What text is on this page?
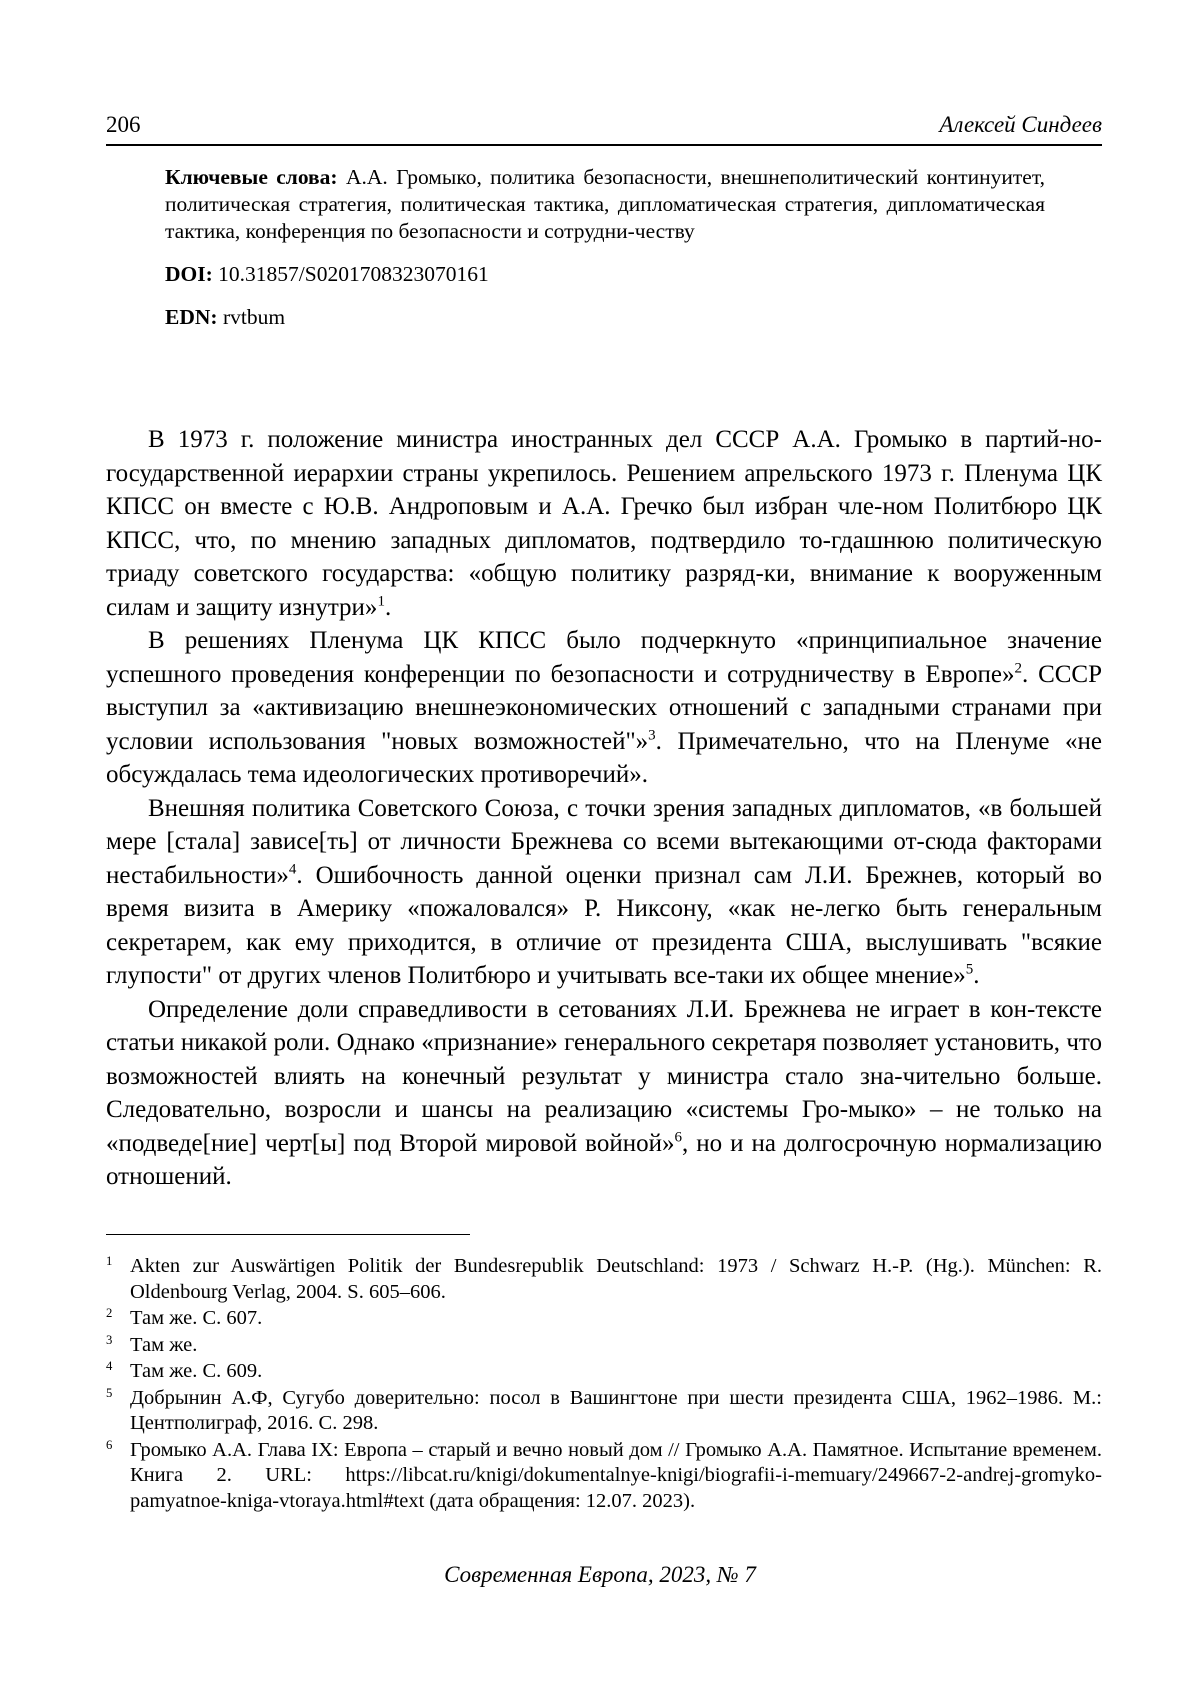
206	Алексей Синдеев

Ключевые слова: А.А. Громыко, политика безопасности, внешнеполитический континуитет, политическая стратегия, политическая тактика, дипломатическая стратегия, дипломатическая тактика, конференция по безопасности и сотрудни-честву

DOI: 10.31857/S0201708323070161

EDN: rvtbum

В 1973 г. положение министра иностранных дел СССР А.А. Громыко в партий-но-государственной иерархии страны укрепилось. Решением апрельского 1973 г. Пленума ЦК КПСС он вместе с Ю.В. Андроповым и А.А. Гречко был избран чле-ном Политбюро ЦК КПСС, что, по мнению западных дипломатов, подтвердило то-гдашнюю политическую триаду советского государства: «общую политику разряд-ки, внимание к вооруженным силам и защиту изнутри»$^1$.

В решениях Пленума ЦК КПСС было подчеркнуто «принципиальное значение успешного проведения конференции по безопасности и сотрудничеству в Европе»$^2$. СССР выступил за «активизацию внешнеэкономических отношений с западными странами при условии использования "новых возможностей"»$^3$. Примечательно, что на Пленуме «не обсуждалась тема идеологических противоречий».

Внешняя политика Советского Союза, с точки зрения западных дипломатов, «в большей мере [стала] зависе[ть] от личности Брежнева со всеми вытекающими от-сюда факторами нестабильности»$^4$. Ошибочность данной оценки признал сам Л.И. Брежнев, который во время визита в Америку «пожаловался» Р. Никсону, «как не-легко быть генеральным секретарем, как ему приходится, в отличие от президента США, выслушивать "всякие глупости" от других членов Политбюро и учитывать все-таки их общее мнение»$^5$.

Определение доли справедливости в сетованиях Л.И. Брежнева не играет в кон-тексте статьи никакой роли. Однако «признание» генерального секретаря позволяет установить, что возможностей влиять на конечный результат у министра стало зна-чительно больше. Следовательно, возросли и шансы на реализацию «системы Гро-мыко» – не только на «подведе[ние] черт[ы] под Второй мировой войной»$^6$, но и на долгосрочную нормализацию отношений.

1 Akten zur Auswärtigen Politik der Bundesrepublik Deutschland: 1973 / Schwarz H.-P. (Hg.). München: R. Oldenbourg Verlag, 2004. S. 605–606.
2 Там же. С. 607.
3 Там же.
4 Там же. С. 609.
5 Добрынин А.Ф, Сугубо доверительно: посол в Вашингтоне при шести президента США, 1962–1986. М.: Центполиграф, 2016. С. 298.
6 Громыко А.А. Глава IX: Европа – старый и вечно новый дом // Громыко А.А. Памятное. Испытание временем. Книга 2. URL: https://libcat.ru/knigi/dokumentalnye-knigi/biografii-i-memuary/249667-2-andrej-gromyko-pamyatnoe-kniga-vtoraya.html#text (дата обращения: 12.07. 2023).
Современная Европа, 2023, № 7
